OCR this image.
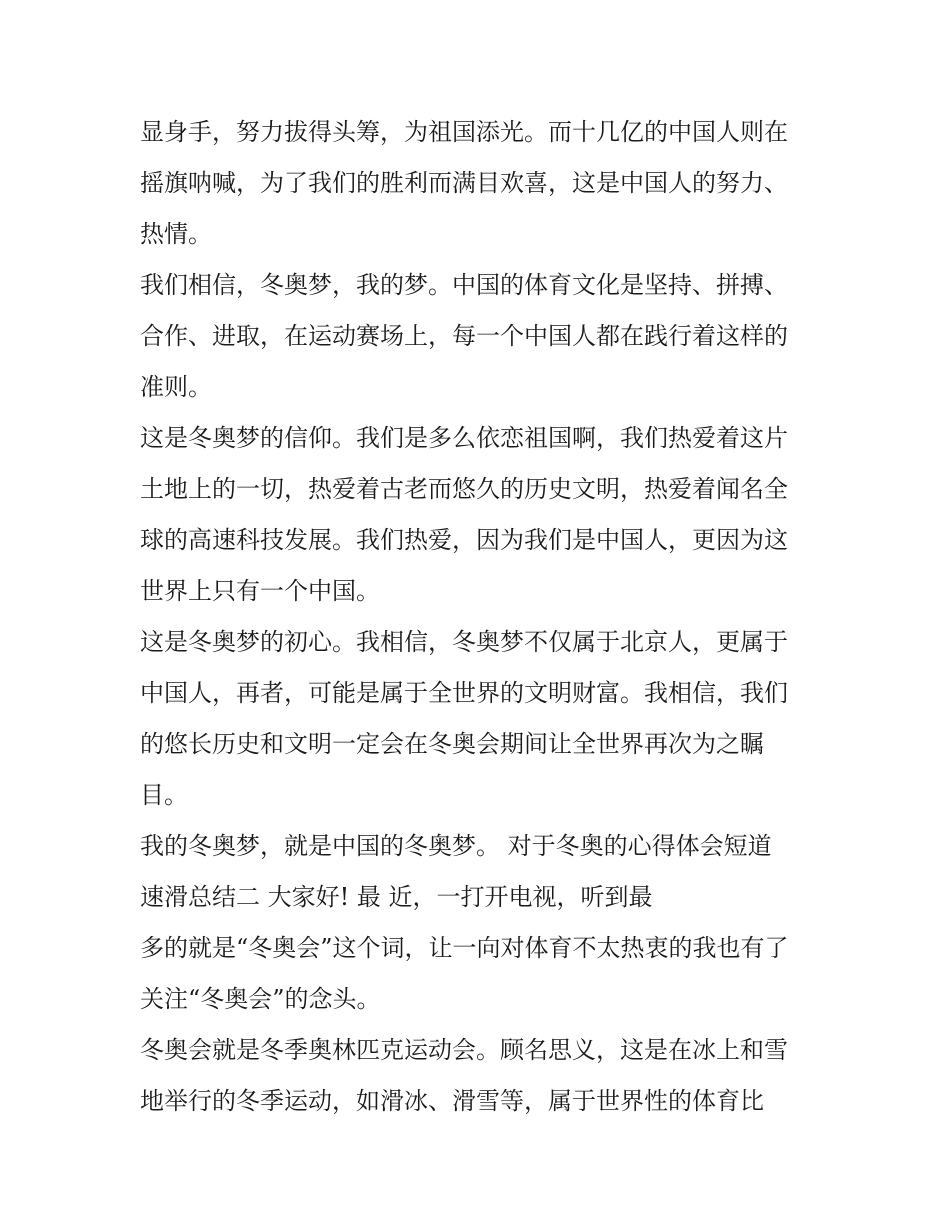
显身手，努力拔得头筹，为祖国添光。而十几亿的中国人则在
摇旗呐喊，为了我们的胜利而满目欢喜，这是中国人的努力、
热情。
我们相信，冬奥梦，我的梦。中国的体育文化是坚持、拼搏、
合作、进取，在运动赛场上，每一个中国人都在践行着这样的
准则。
这是冬奥梦的信仰。我们是多么依恋祖国啊，我们热爱着这片
土地上的一切，热爱着古老而悠久的历史文明，热爱着闻名全
球的高速科技发展。我们热爱，因为我们是中国人，更因为这
世界上只有一个中国。
这是冬奥梦的初心。我相信，冬奥梦不仅属于北京人，更属于
中国人，再者，可能是属于全世界的文明财富。我相信，我们
的悠长历史和文明一定会在冬奥会期间让全世界再次为之瞩
目。
我的冬奥梦，就是中国的冬奥梦。 对于冬奥的心得体会短道
速滑总结二 大家好! 最 近，一打开电视，听到最
多的就是“冬奥会”这个词，让一向对体育不太热衷的我也有了
关注“冬奥会”的念头。
冬奥会就是冬季奥林匹克运动会。顾名思义，这是在冰上和雪
地举行的冬季运动，如滑冰、滑雪等，属于世界性的体育比
